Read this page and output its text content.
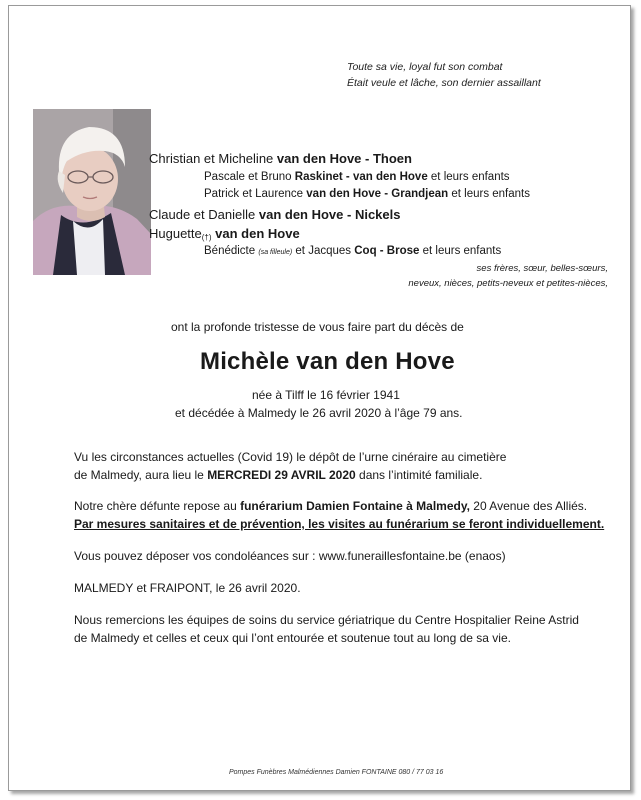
Toute sa vie, loyal fut son combat
Était veule et lâche, son dernier assaillant
Christian et Micheline van den Hove - Thoen
Pascale et Bruno Raskinet - van den Hove et leurs enfants
Patrick et Laurence van den Hove - Grandjean et leurs enfants
Claude et Danielle van den Hove - Nickels
Huguette(†) van den Hove
Bénédicte (sa filleule) et Jacques Coq - Brose et leurs enfants
ses frères, sœur, belles-sœurs,
neveux, nièces, petits-neveux et petites-nièces,
ont la profonde tristesse de vous faire part du décès de
Michèle van den Hove
née à Tilff le 16 février 1941
et décédée à Malmedy le 26 avril 2020 à l’âge 79 ans.
Vu les circonstances actuelles (Covid 19) le dépôt de l’urne cinéraire au cimetière
de Malmedy, aura lieu le MERCREDI 29 AVRIL 2020 dans l’intimité familiale.
Notre chère défunte repose au funérarium Damien Fontaine à Malmedy, 20 Avenue des Alliés.
Par mesures sanitaires et de prévention, les visites au funérarium se feront individuellement.
Vous pouvez déposer vos condoléances sur : www.funeraillesfontaine.be (enaos)
MALMEDY et FRAIPONT, le 26 avril 2020.
Nous remercions les équipes de soins du service gériatrique du Centre Hospitalier Reine Astrid
de Malmedy et celles et ceux qui l’ont entourée et soutenue tout au long de sa vie.
Pompes Funèbres Malmédiennes Damien FONTAINE 080 / 77 03 16
